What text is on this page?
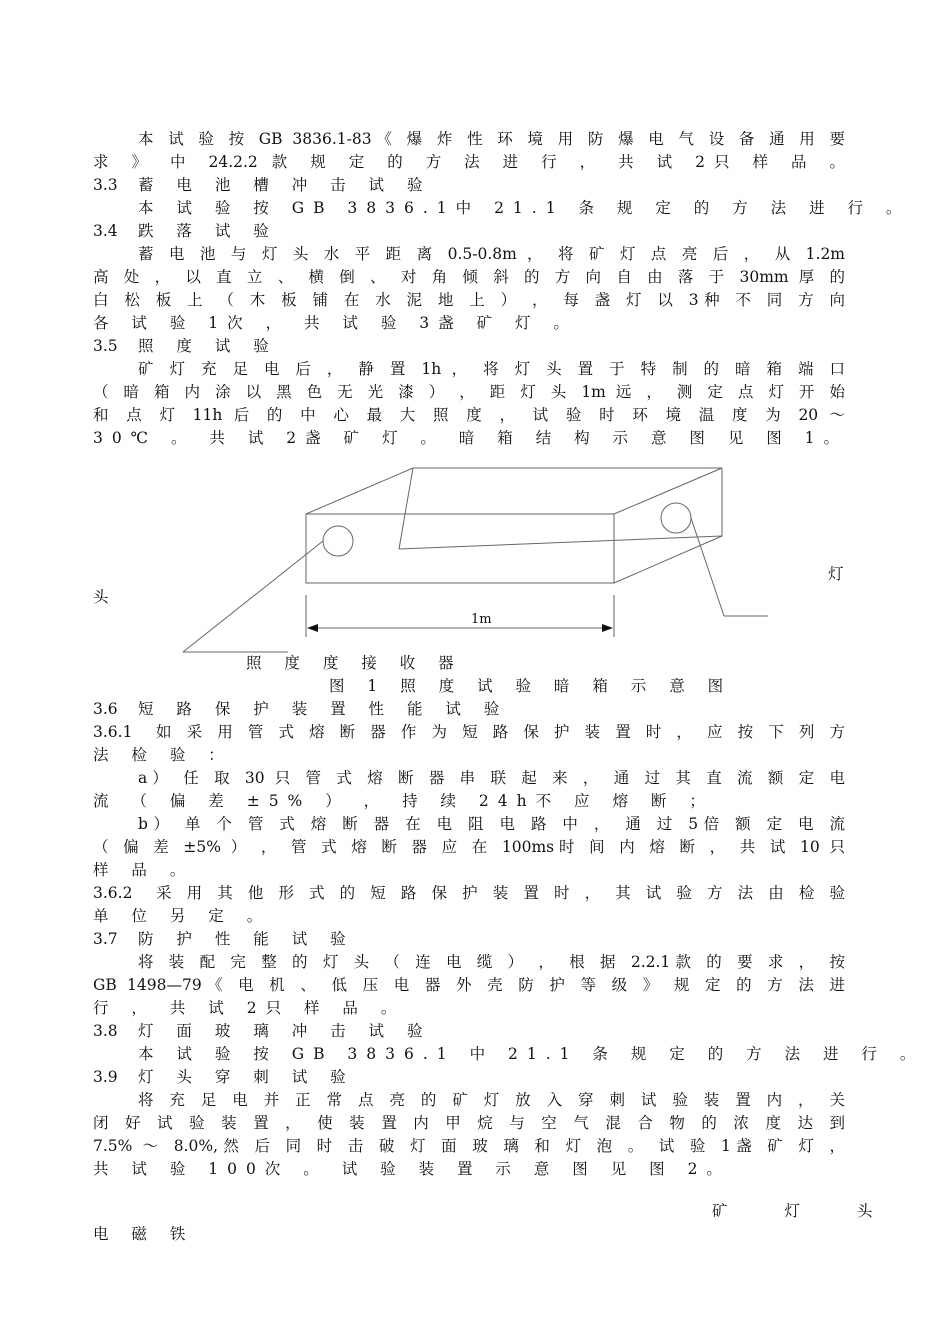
本 试 验 按 GB 3836.1-83《 爆 炸 性 环 境 用 防 爆 电 气 设 备 通 用 要
求 》 中 24.2.2 款 规 定 的 方 法 进 行 ， 共 试 2只 样 品 。
3.3 蓄 电 池 槽 冲 击 试 验
本 试 验 按 GB 3836.1中 21.1 条 规 定 的 方 法 进 行 。
3.4 跌 落 试 验
蓄 电 池 与 灯 头 水 平 距 离 0.5-0.8m ， 将 矿 灯 点 亮 后 ， 从 1.2m
高 处 ， 以 直 立 、 横 倒 、 对 角 倾 斜 的 方 向 自 由 落 于 30mm 厚 的
白 松 板 上 （ 木 板 铺 在 水 泥 地 上 ） ， 每 盏 灯 以 3种 不 同 方 向
各 试 验 1次 ， 共 试 验 3盏 矿 灯 。
3.5 照 度 试 验
矿 灯 充 足 电 后 ， 静 置 1h ， 将 灯 头 置 于 特 制 的 暗 箱 端 口
（ 暗 箱 内 涂 以 黑 色 无 光 漆 ） ， 距 灯 头 1m 远 ， 测 定 点 灯 开 始
和 点 灯 11h 后 的 中 心 最 大 照 度 ， 试 验 时 环 境 温 度 为 20 ～
30℃ 。 共 试 2盏 矿 灯 。 暗 箱 结 构 示 意 图 见 图 1。
1m
灯
头
照 度 度 接 收 器
图 1 照 度 试 验 暗 箱 示 意 图
3.6 短 路 保 护 装 置 性 能 试 验
3.6.1 如 采 用 管 式 熔 断 器 作 为 短 路 保 护 装 置 时 ， 应 按 下 列 方
法 检 验 ：
a） 任 取 30 只 管 式 熔 断 器 串 联 起 来 ， 通 过 其 直 流 额 定 电
流 （ 偏 差 ±5% ） ， 持 续 24h不 应 熔 断 ；
b） 单 个 管 式 熔 断 器 在 电 阻 电 路 中 ， 通 过 5倍 额 定 电 流
（ 偏 差 ±5% ） ， 管 式 熔 断 器 应 在 100ms时 间 内 熔 断 ， 共 试 10 只
样 品 。
3.6.2 采 用 其 他 形 式 的 短 路 保 护 装 置 时 ， 其 试 验 方 法 由 检 验
单 位 另 定 。
3.7 防 护 性 能 试 验
将 装 配 完 整 的 灯 头 （ 连 电 缆 ） ， 根 据 2.2.1款 的 要 求 ， 按
GB 1498—79《 电 机 、 低 压 电 器 外 壳 防 护 等 级 》 规 定 的 方 法 进
行 ， 共 试 2只 样 品 。
3.8 灯 面 玻 璃 冲 击 试 验
本 试 验 按 GB 3836.1 中 21.1 条 规 定 的 方 法 进 行 。
3.9 灯 头 穿 刺 试 验
将 充 足 电 并 正 常 点 亮 的 矿 灯 放 入 穿 刺 试 验 装 置 内 ， 关
闭 好 试 验 装 置 ， 使 装 置 内 甲 烷 与 空 气 混 合 物 的 浓 度 达 到
7.5% ～ 8.0%,然 后 同 时 击 破 灯 面 玻 璃 和 灯 泡 。 试 验 1盏 矿 灯 ，
共 试 验 100次 。 试 验 装 置 示 意 图 见 图 2。
矿 灯 头
电 磁 铁
